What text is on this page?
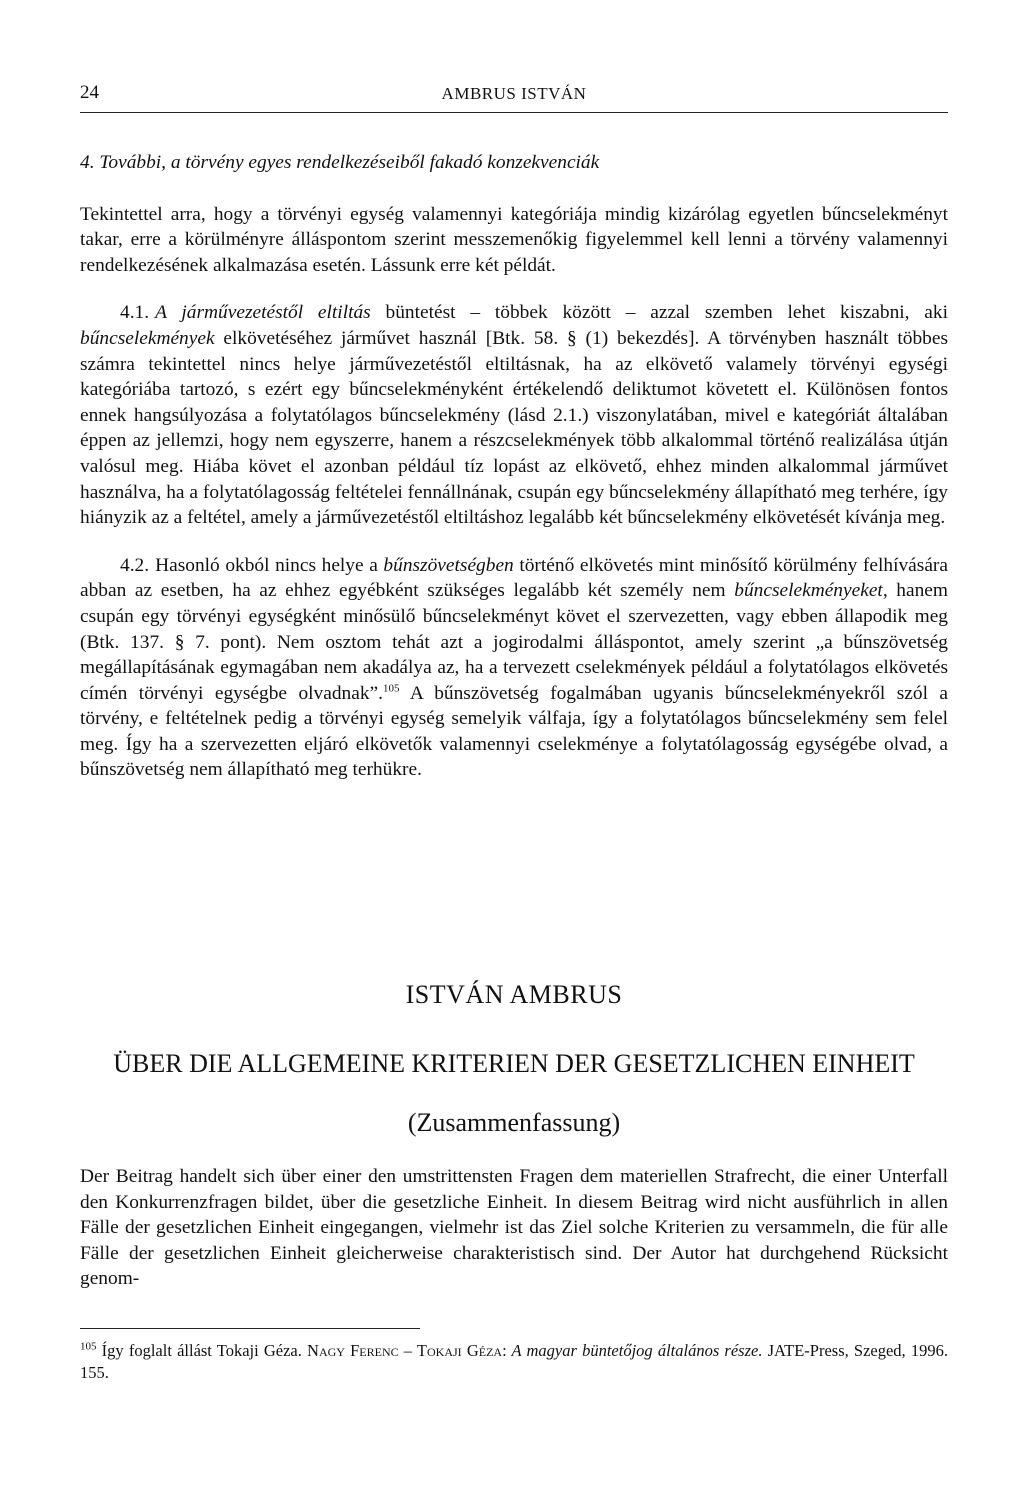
24	AMBRUS ISTVÁN
4. További, a törvény egyes rendelkezéseiből fakadó konzekvenciák

Tekintettel arra, hogy a törvényi egység valamennyi kategóriája mindig kizárólag egyetlen bűncselekményt takar, erre a körülményre álláspontom szerint messzemenőkig figyelemmel kell lenni a törvény valamennyi rendelkezésének alkalmazása esetén. Lássunk erre két példát.

4.1. A járművezetéstől eltiltás büntetést – többek között – azzal szemben lehet kiszabni, aki bűncselekmények elkövetéséhez járművet használ [Btk. 58. § (1) bekezdés]. A törvényben használt többes számra tekintettel nincs helye járművezetéstől eltiltásnak, ha az elkövető valamely törvényi egységi kategóriába tartozó, s ezért egy bűncselekményként értékelendő deliktumot követett el. Különösen fontos ennek hangsúlyozása a folytatólagos bűncselekmény (lásd 2.1.) viszonylatában, mivel e kategóriát általában éppen az jellemzi, hogy nem egyszerre, hanem a részcselekmények több alkalommal történő realizálása útján valósul meg. Hiába követ el azonban például tíz lopást az elkövető, ehhez minden alkalommal járművet használva, ha a folytatólagosság feltételei fennállnának, csupán egy bűncselekmény állapítható meg terhére, így hiányzik az a feltétel, amely a járművezetéstől eltiltáshoz legalább két bűncselekmény elkövetését kívánja meg.

4.2. Hasonló okból nincs helye a bűnszövetségben történő elkövetés mint minősítő körülmény felhívására abban az esetben, ha az ehhez egyébként szükséges legalább két személy nem bűncselekményeket, hanem csupán egy törvényi egységként minősülő bűncselekményt követ el szervezetten, vagy ebben állapodik meg (Btk. 137. § 7. pont). Nem osztom tehát azt a jogirodalmi álláspontot, amely szerint „a bűnszövetség megállapításának egymagában nem akadálya az, ha a tervezett cselekmények például a folytatólagos elkövetés címén törvényi egységbe olvadnak”.$^{105}$ A bűnszövetség fogalmában ugyanis bűncselekményekről szól a törvény, e feltételnek pedig a törvényi egység semelyik válfaja, így a folytatólagos bűncselekmény sem felel meg. Így ha a szervezetten eljáró elkövetők valamennyi cselekménye a folytatólagosság egységébe olvad, a bűnszövetség nem állapítható meg terhükre.

ISTVÁN AMBRUS
ÜBER DIE ALLGEMEINE KRITERIEN DER GESETZLICHEN EINHEIT
(Zusammenfassung)

Der Beitrag handelt sich über einer den umstrittensten Fragen dem materiellen Strafrecht, die einer Unterfall den Konkurrenzfragen bildet, über die gesetzliche Einheit. In diesem Beitrag wird nicht ausführlich in allen Fälle der gesetzlichen Einheit eingegangen, vielmehr ist das Ziel solche Kriterien zu versammeln, die für alle Fälle der gesetzlichen Einheit gleicherweise charakteristisch sind. Der Autor hat durchgehend Rücksicht genom-

$^{105}$ Így foglalt állást Tokaji Géza. Nagy Ferenc – Tokaji Géza: A magyar büntetőjog általános része. JATE-Press, Szeged, 1996. 155.
